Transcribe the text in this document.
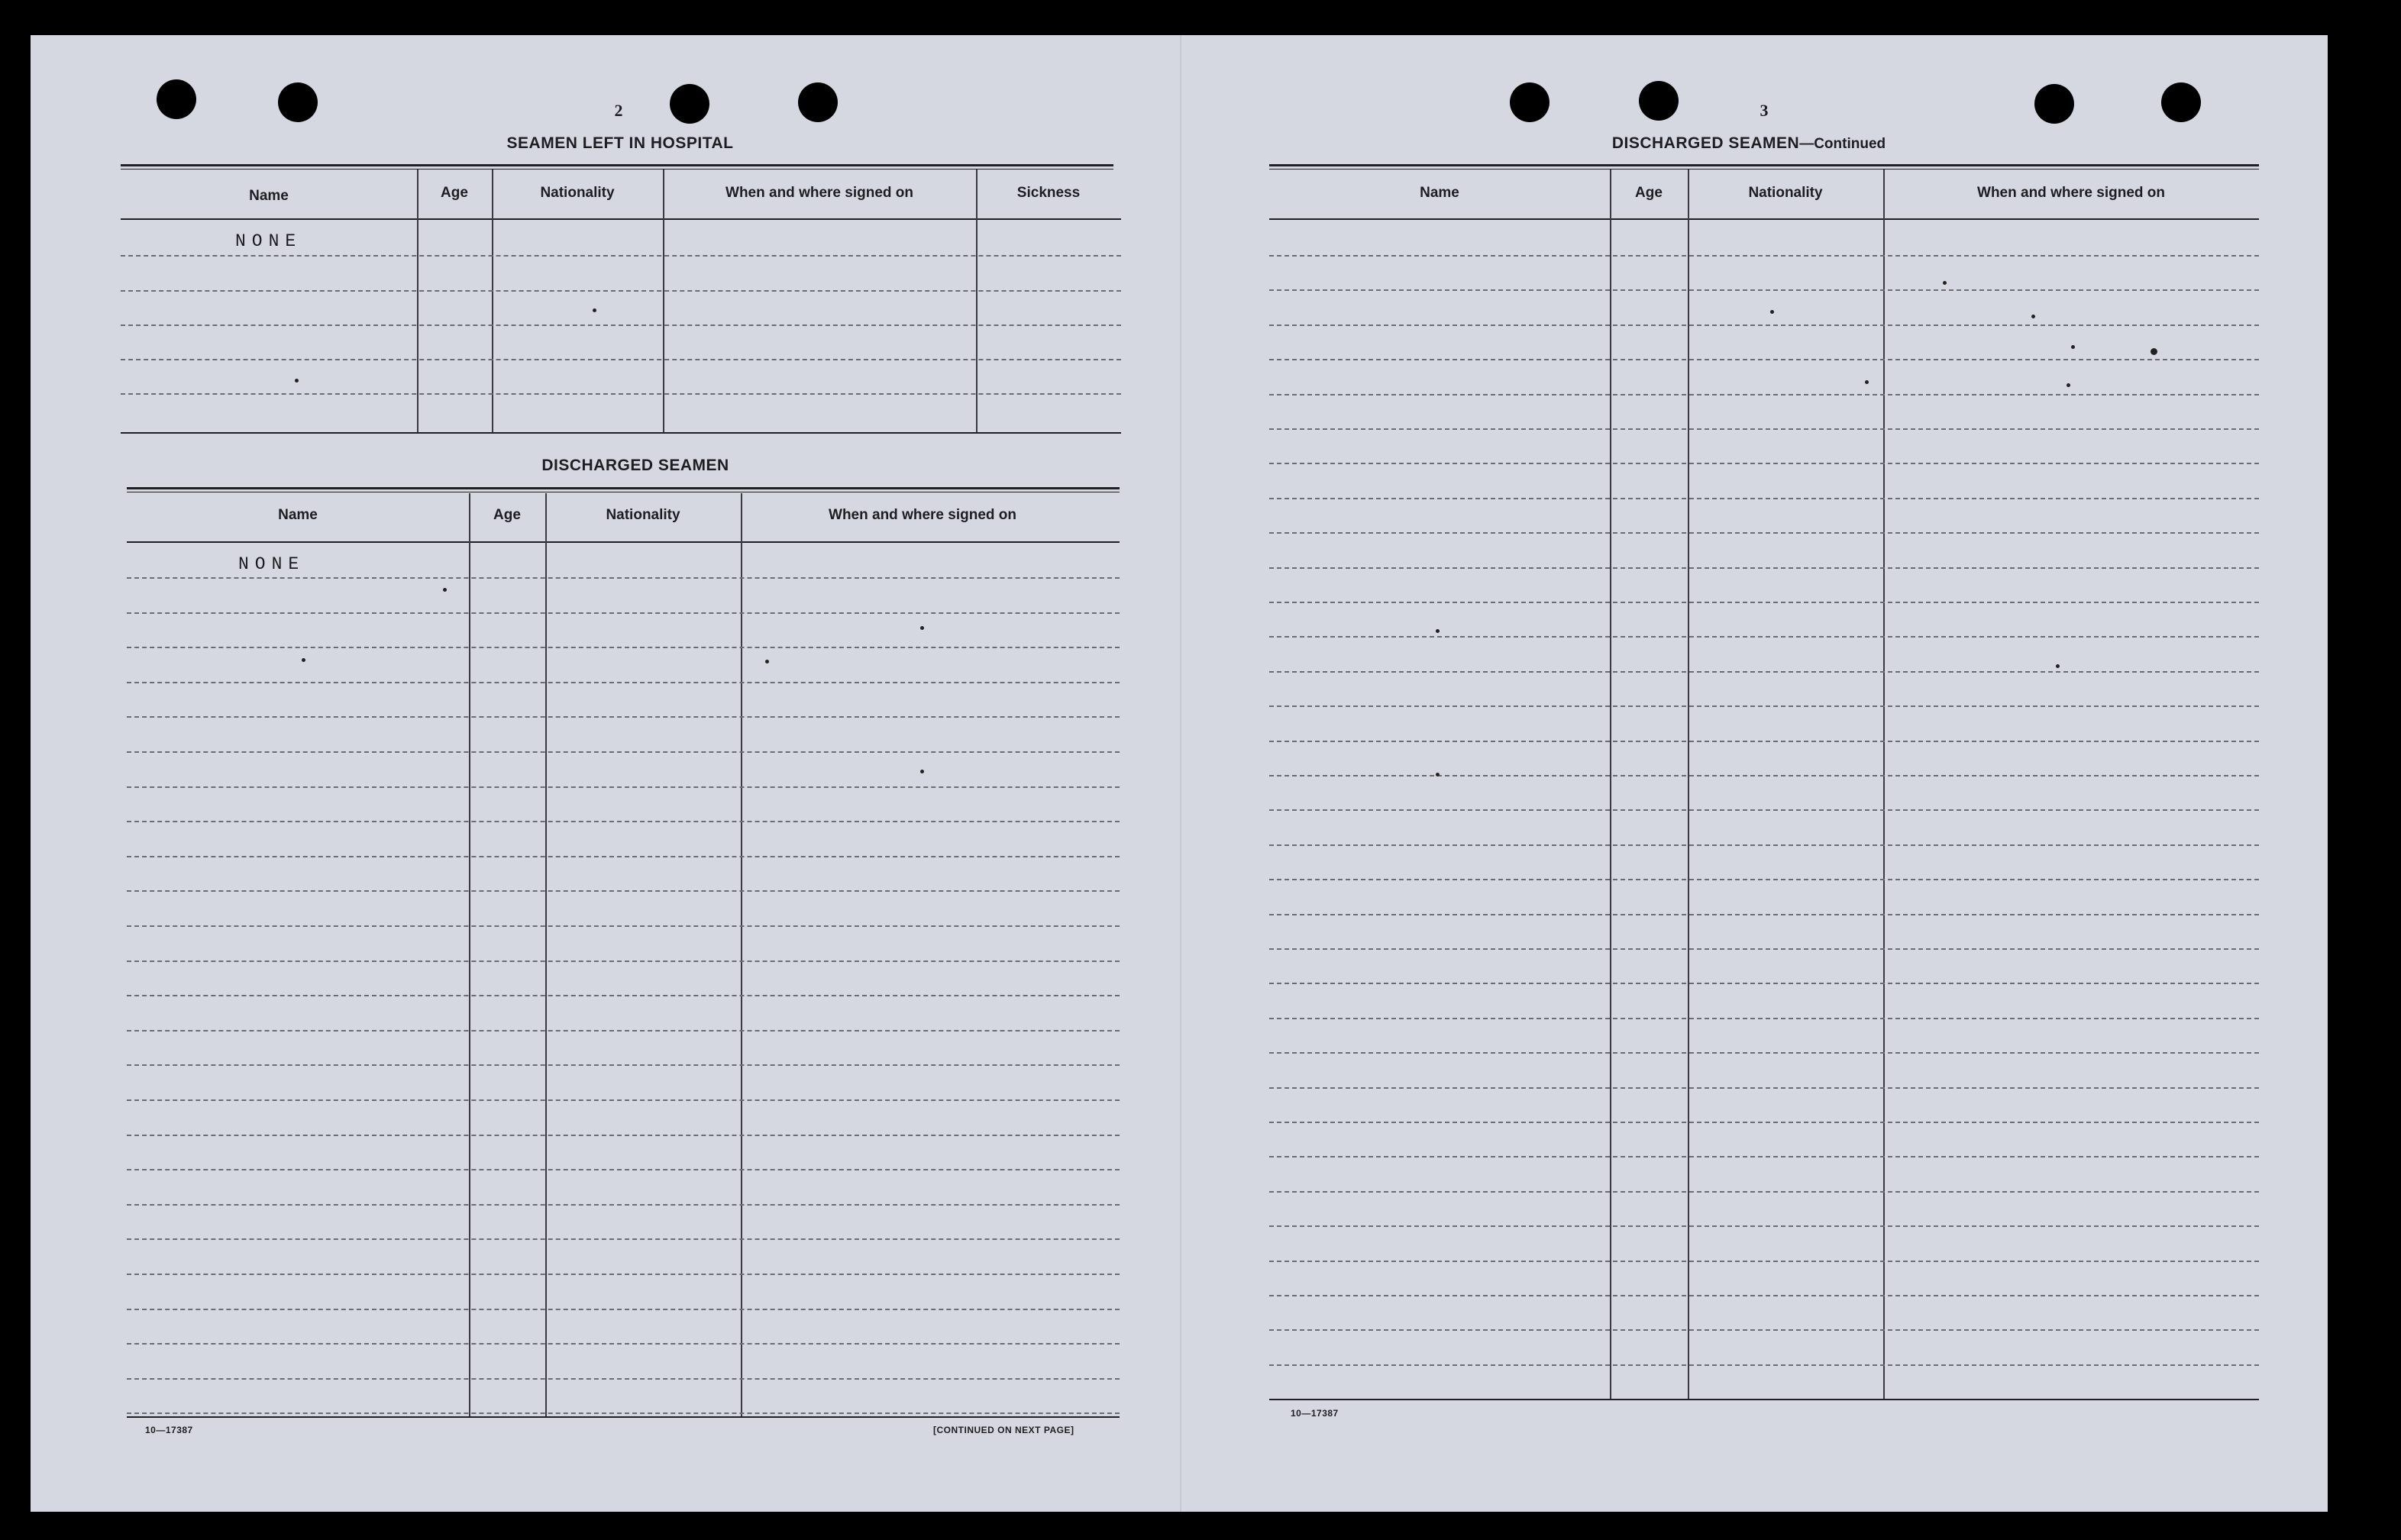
2
SEAMEN LEFT IN HOSPITAL
Name	Age	Nationality	When and where signed on	Sickness
NONE
DISCHARGED SEAMEN
Name	Age	Nationality	When and where signed on
NONE
10—17387	[CONTINUED ON NEXT PAGE]
3
DISCHARGED SEAMEN—Continued
Name	Age	Nationality	When and where signed on
10—17387
